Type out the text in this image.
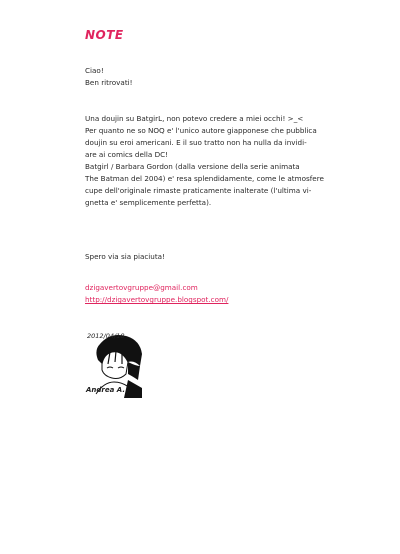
NOTE

Ciao!

Ben ritrovati!

Una doujin su BatgirL, non potevo credere a miei occhi! >_<

Per quanto ne so NOQ e' l'unico autore giapponese che pubblica

doujin su eroi americani. E il suo tratto non ha nulla da invidi-

are ai comics della DC!

Batgirl / Barbara Gordon (dalla versione della serie animata

The Batman del 2004) e' resa splendidamente, come le atmosfere

cupe dell'originale rimaste praticamente inalterate (l'ultima vi-

gnetta e' semplicemente perfetta).

Spero via sia piaciuta!

dzigavertovgruppe@gmail.com

http://dzigavertovgruppe.blogspot.com/

2012/04/18
Andrea A.
